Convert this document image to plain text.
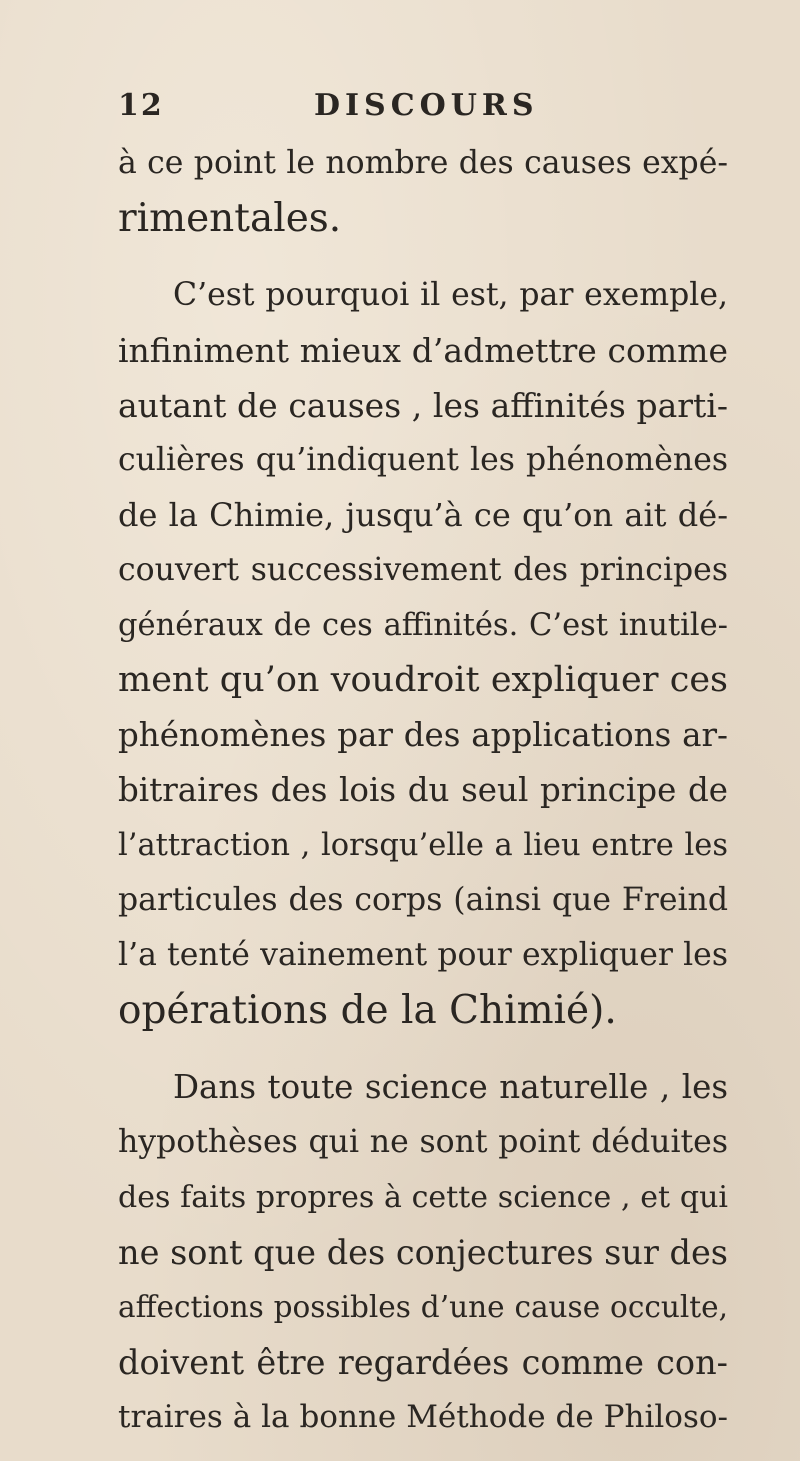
12	DISCOURS
à ce point le nombre des causes expé-
rimentales.
C’est pourquoi il est, par exemple,
infiniment mieux d’admettre comme
autant de causes , les affinités parti-
culières qu’indiquent les phénomènes
de la Chimie, jusqu’à ce qu’on ait dé-
couvert successivement des principes
généraux de ces affinités. C’est inutile-
ment qu’on voudroit expliquer ces
phénomènes par des applications ar-
bitraires des lois du seul principe de
l’attraction , lorsqu’elle a lieu entre les
particules des corps (ainsi que Freind
l’a tenté vainement pour expliquer les
opérations de la Chimié).
Dans toute science naturelle , les
hypothèses qui ne sont point déduites
des faits propres à cette science , et qui
ne sont que des conjectures sur des
affections possibles d’une cause occulte,
doivent être regardées comme con-
traires à la bonne Méthode de Philoso-
